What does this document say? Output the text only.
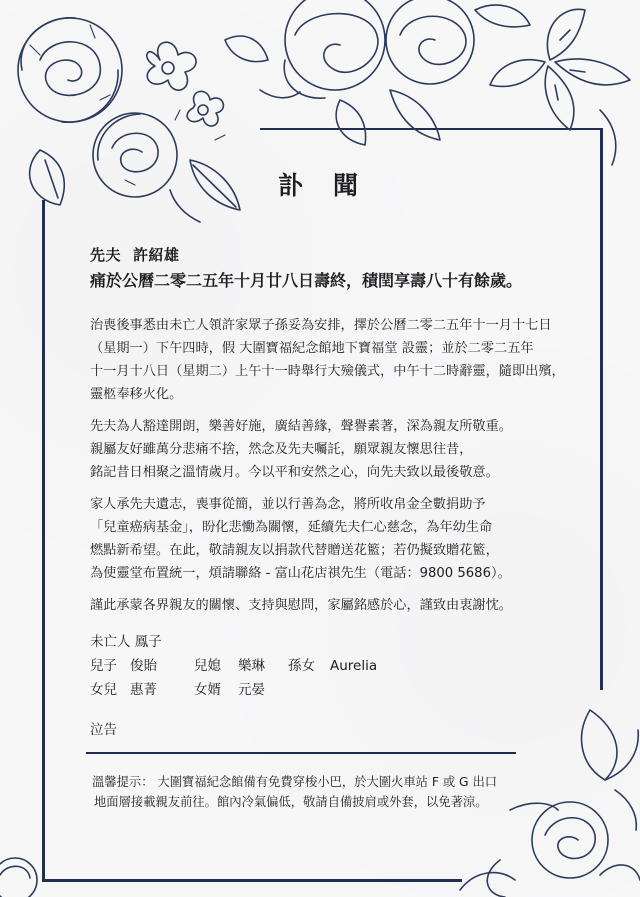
訃 聞
先夫 許紹雄
痛於公曆二零二五年十月廿八日壽終，積閏享壽八十有餘歲。

治喪後事悉由未亡人領許家眾子孫妥為安排，擇於公曆二零二五年十一月十七日
（星期一）下午四時，假 大圍寶福紀念館地下寶福堂 設靈；並於二零二五年
十一月十八日（星期二）上午十一時舉行大殮儀式，中午十二時辭靈，隨即出殯，
靈柩奉移火化。

先夫為人豁達開朗，樂善好施，廣結善緣，聲譽素著，深為親友所敬重。
親屬友好雖萬分悲痛不捨，然念及先夫囑託，願眾親友懷思往昔，
銘記昔日相聚之溫情歲月。今以平和安然之心，向先夫致以最後敬意。

家人承先夫遺志，喪事從簡，並以行善為念，將所收帛金全數捐助予
「兒童癌病基金」，盼化悲慟為關懷，延續先夫仁心慈念，為年幼生命
燃點新希望。在此，敬請親友以捐款代替贈送花籃；若仍擬致贈花籃，
為使靈堂布置統一，煩請聯絡 - 富山花店祺先生（電話：9800 5686）。

謹此承蒙各界親友的關懷、支持與慰問，家屬銘感於心，謹致由衷謝忱。

未亡人 鳳子
兒子 俊貽	兒媳 樂琳 孫女 Aurelia
女兒 惠菁	女婿 元晏
泣告
溫馨提示： 大圍寶福紀念館備有免費穿梭小巴，於大圍火車站 F 或 G 出口
地面層接載親友前往。館內冷氣偏低，敬請自備披肩或外套，以免著涼。
